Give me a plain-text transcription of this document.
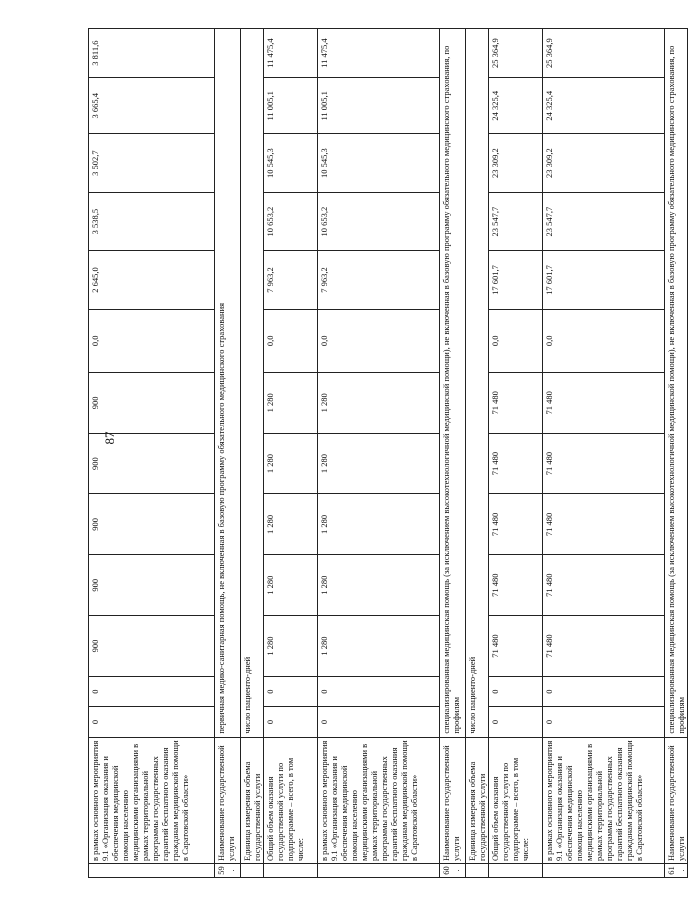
87
	в рамках основного мероприятия 9.1 «Организация оказания и обеспечения медицинской помощи населению медицинскими организациями в рамках территориальной программы государственных гарантий бесплатного оказания гражданам медицинской помощи в Саратовской области»	0	0	900	900	900	900	900	0,0	2 645,0	3 538,5	3 502,7	3 665,4	3 811,6
59.	Наименование государственной услуги	первичная медико-санитарная помощь, не включенная в базовую программу обязательного медицинского страхования												
	Единица измерения объема государственной услуги	число пациенто-дней												
	Общий объем оказания государственной услуги по подпрограмме – всего, в том числе:	0	0	1 280	1 280	1 280	1 280	1 280	0,0	7 963,2	10 653,2	10 545,3	11 005,1	11 475,4
	в рамках основного мероприятия 9.1 «Организация оказания и обеспечения медицинской помощи населению медицинскими организациями в рамках территориальной программы государственных гарантий бесплатного оказания гражданам медицинской помощи в Саратовской области»	0	0	1 280	1 280	1 280	1 280	1 280	0,0	7 963,2	10 653,2	10 545,3	11 005,1	11 475,4
60.	Наименование государственной услуги	специализированная медицинская помощь (за исключением высокотехнологичной медицинской помощи), не включенная в базовую программу обязательного медицинского страхования, по профилям												
	Единица измерения объема государственной услуги	число пациенто-дней												
	Общий объем оказания государственной услуги по подпрограмме – всего, в том числе:	0	0	71 480	71 480	71 480	71 480	71 480	0,0	17 601,7	23 547,7	23 309,2	24 325,4	25 364,9
	в рамках основного мероприятия 9.1 «Организация оказания и обеспечения медицинской помощи населению медицинскими организациями в рамках территориальной программы государственных гарантий бесплатного оказания гражданам медицинской помощи в Саратовской области»	0	0	71 480	71 480	71 480	71 480	71 480	0,0	17 601,7	23 547,7	23 309,2	24 325,4	25 364,9
61.	Наименование государственной услуги	специализированная медицинская помощь (за исключением высокотехнологичной медицинской помощи), не включенная в базовую программу обязательного медицинского страхования, по профилям												
